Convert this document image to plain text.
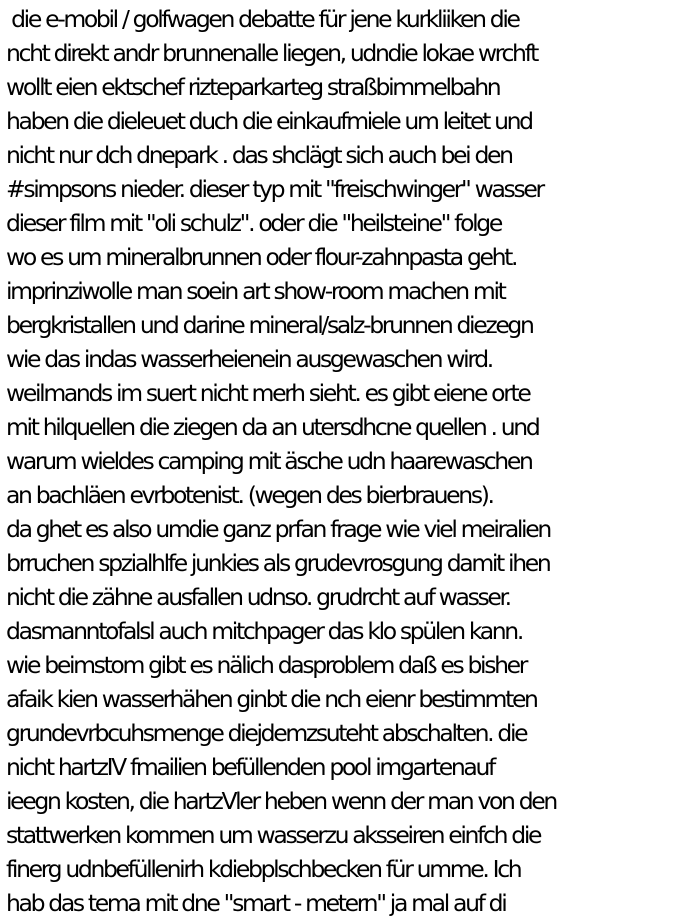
die e-mobil / golfwagen debatte für jene kurkliiken die
ncht direkt andr brunnenalle liegen, udndie lokae wrchft
wollt eien ektschef rizteparkarteg straßbimmelbahn
haben die dieleuet duch die einkaufmiele um leitet und
nicht nur dch dnepark . das shclägt sich auch bei den
#simpsons nieder. dieser typ mit "freischwinger" wasser
dieser film mit "oli schulz". oder die "heilsteine" folge
wo es um mineralbrunnen oder flour-zahnpasta geht.
imprinziwolle man soein art show-room machen mit
bergkristallen und darine mineral/salz-brunnen diezegn
wie das indas wasserheienein ausgewaschen wird.
weilmands im suert nicht merh sieht. es gibt eiene orte
mit hilquellen die ziegen da an utersdhcne quellen . und
warum wieldes camping mit äsche udn haarewaschen
an bachläen evrbotenist. (wegen des bierbrauens).
da ghet es also umdie ganz prfan frage wie viel meiralien
brruchen spzialhlfe junkies als grudevrosgung damit ihen
nicht die zähne ausfallen udnso. grudrcht auf wasser.
dasmanntofalsl auch mitchpager das klo spülen kann.
wie beimstom gibt es nälich dasproblem daß es bisher
afaik kien wasserhähen ginbt die nch eienr bestimmten
grundevrbcuhsmenge diejdemzsuteht abschalten. die
nicht hartzIV fmailien befüllenden pool imgartenauf
ieegn kosten, die hartzVler heben wenn der man von den
stattwerken kommen um wasserzu aksseiren einfch die
finerg udnbefüllenirh kdiebplschbecken für umme. Ich
hab das tema mit dne "smart - metern" ja mal auf di
